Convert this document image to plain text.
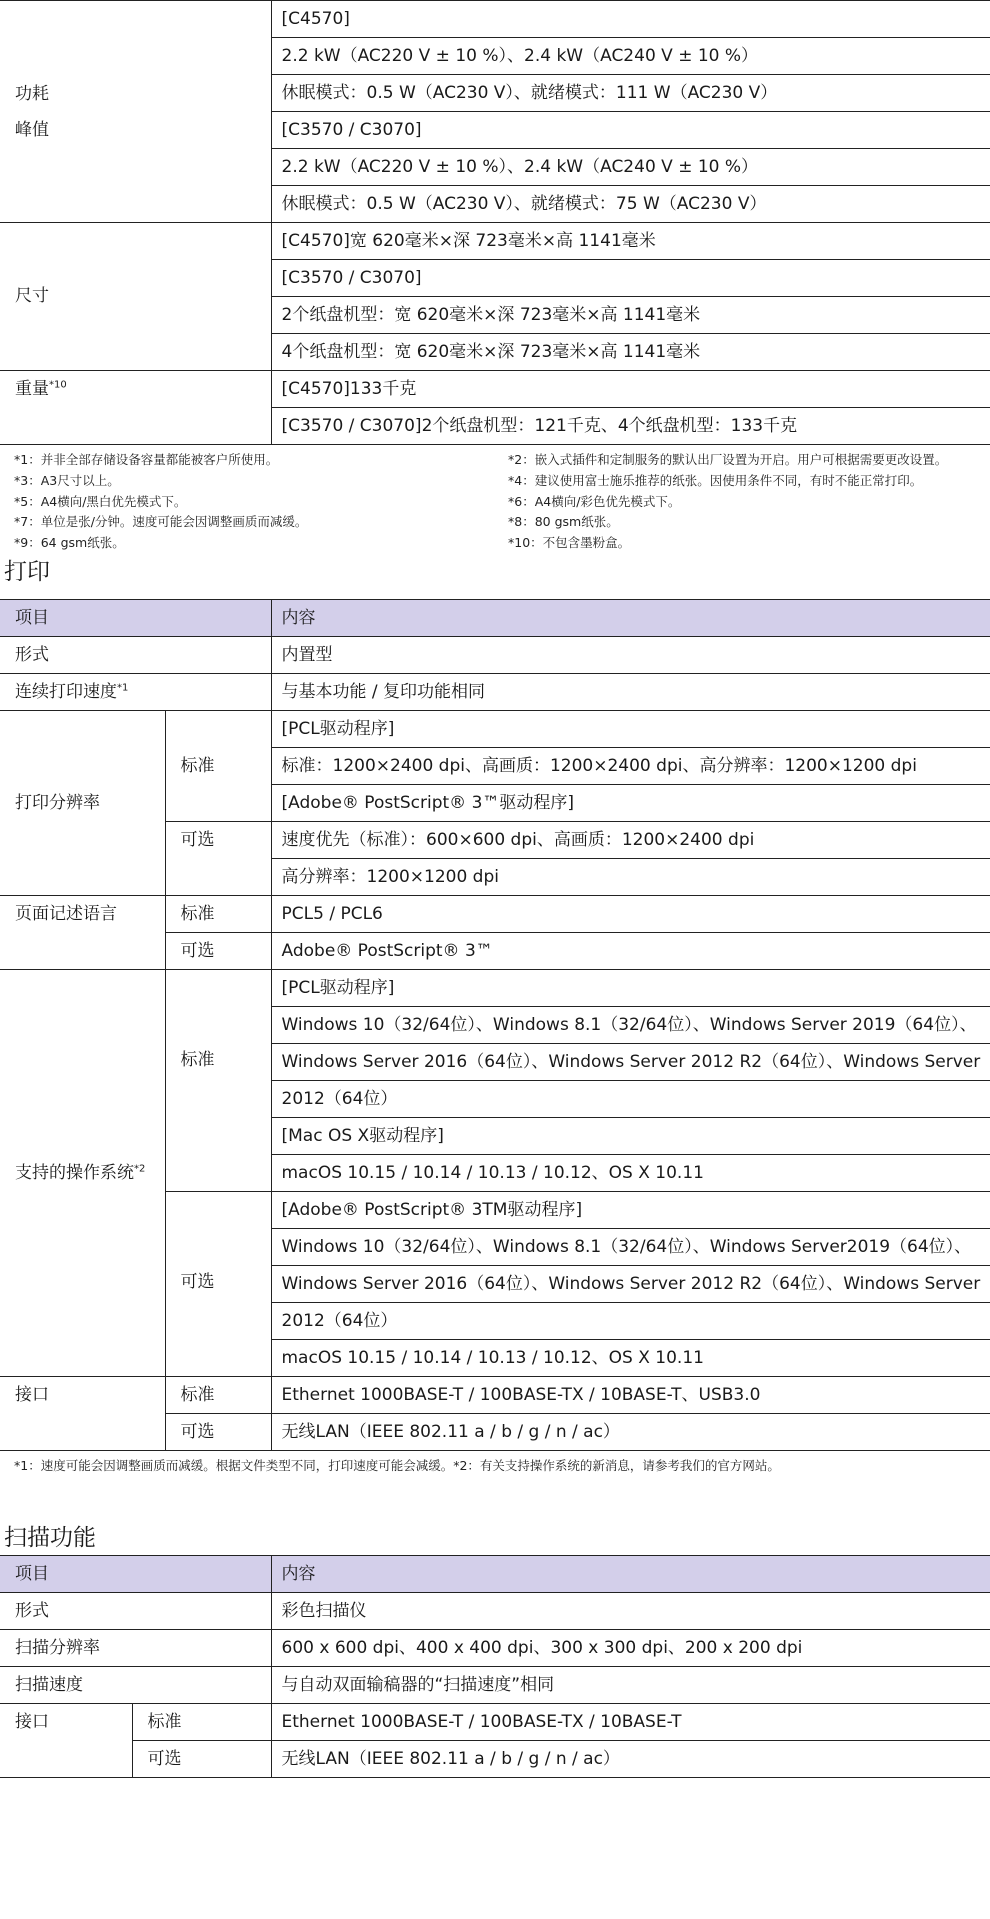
功耗
峰值	[C4570]
	2.2 kW（AC220 V ± 10 %）、2.4 kW（AC240 V ± 10 %）
	休眠模式：0.5 W（AC230 V）、就绪模式：111 W（AC230 V）
	[C3570 / C3070]
	2.2 kW（AC220 V ± 10 %）、2.4 kW（AC240 V ± 10 %）
	休眠模式：0.5 W（AC230 V）、就绪模式：75 W（AC230 V）
尺寸	[C4570]宽 620毫米×深 723毫米×高 1141毫米
	[C3570 / C3070]
	2个纸盘机型：宽 620毫米×深 723毫米×高 1141毫米
	4个纸盘机型：宽 620毫米×深 723毫米×高 1141毫米
重量$^{*10}$	[C4570]133千克
	[C3570 / C3070]2个纸盘机型：121千克、4个纸盘机型：133千克
*1：并非全部存储设备容量都能被客户所使用。	*2：嵌入式插件和定制服务的默认出厂设置为开启。用户可根据需要更改设置。
*3：A3尺寸以上。	*4：建议使用富士施乐推荐的纸张。因使用条件不同，有时不能正常打印。
*5：A4横向/黑白优先模式下。	*6：A4横向/彩色优先模式下。
*7：单位是张/分钟。速度可能会因调整画质而减缓。	*8：80 gsm纸张。
*9：64 gsm纸张。	*10：不包含墨粉盒。
打印
项目		内容
形式		内置型
连续打印速度$^{*1}$		与基本功能 / 复印功能相同
打印分辨率	标准	[PCL驱动程序]
		标准：1200×2400 dpi、高画质：1200×2400 dpi、高分辨率：1200×1200 dpi
		[Adobe® PostScript® 3™驱动程序]
	可选	速度优先（标准）：600×600 dpi、高画质：1200×2400 dpi
		高分辨率：1200×1200 dpi
页面记述语言	标准	PCL5 / PCL6
	可选	Adobe® PostScript® 3™
支持的操作系统$^{*2}$	标准	[PCL驱动程序]
		Windows 10（32/64位）、Windows 8.1（32/64位）、Windows Server 2019（64位）、
		Windows Server 2016（64位）、Windows Server 2012 R2（64位）、Windows Server
		2012（64位）
		[Mac OS X驱动程序]
		macOS 10.15 / 10.14 / 10.13 / 10.12、OS X 10.11
	可选	[Adobe® PostScript® 3TM驱动程序]
		Windows 10（32/64位）、Windows 8.1（32/64位）、Windows Server2019（64位）、
		Windows Server 2016（64位）、Windows Server 2012 R2（64位）、Windows Server
		2012（64位）
		macOS 10.15 / 10.14 / 10.13 / 10.12、OS X 10.11
接口	标准	Ethernet 1000BASE-T / 100BASE-TX / 10BASE-T、USB3.0
	可选	无线LAN（IEEE 802.11 a / b / g / n / ac）
*1：速度可能会因调整画质而减缓。根据文件类型不同，打印速度可能会减缓。*2：有关支持操作系统的新消息，请参考我们的官方网站。
扫描功能
项目		内容
形式		彩色扫描仪
扫描分辨率		600 x 600 dpi、400 x 400 dpi、300 x 300 dpi、200 x 200 dpi
扫描速度		与自动双面输稿器的“扫描速度”相同
接口	标准	Ethernet 1000BASE-T / 100BASE-TX / 10BASE-T
	可选	无线LAN（IEEE 802.11 a / b / g / n / ac）
